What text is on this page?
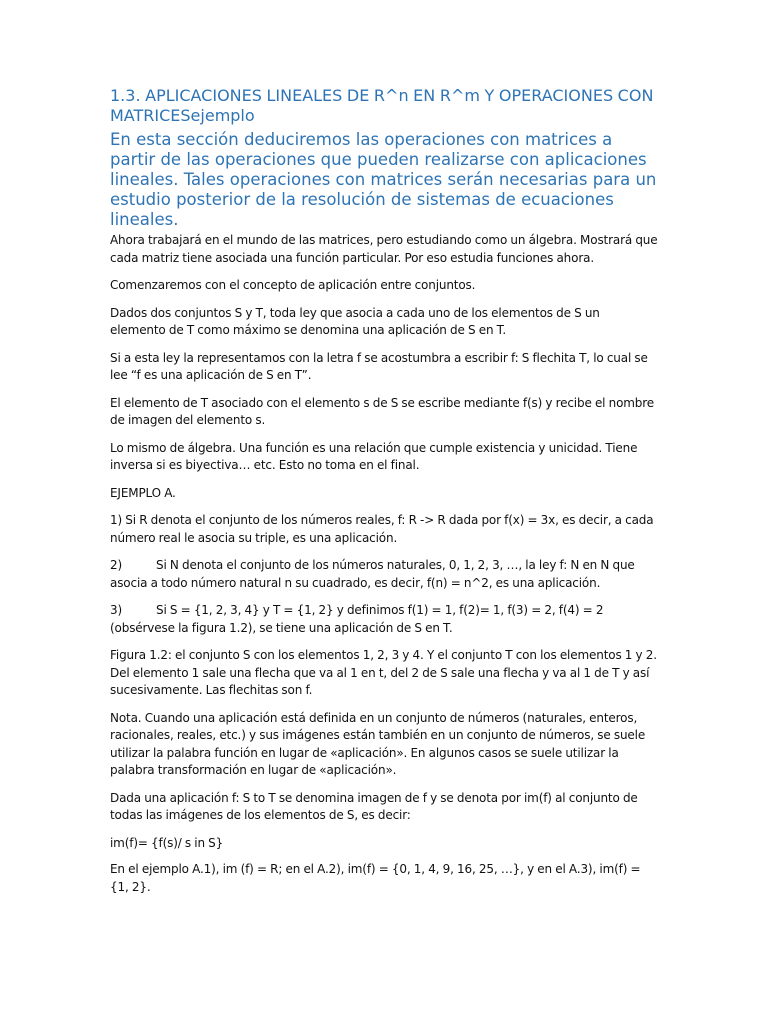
1.3. APLICACIONES LINEALES DE R^n EN R^m Y OPERACIONES CON MATRICESejemplo
En esta sección deduciremos las operaciones con matrices a partir de las operaciones que pueden realizarse con aplicaciones lineales. Tales operaciones con matrices serán necesarias para un estudio posterior de la resolución de sistemas de ecuaciones lineales.

Ahora trabajará en el mundo de las matrices, pero estudiando como un álgebra. Mostrará que cada matriz tiene asociada una función particular. Por eso estudia funciones ahora.

Comenzaremos con el concepto de aplicación entre conjuntos.

Dados dos conjuntos S y T, toda ley que asocia a cada uno de los elementos de S un elemento de T como máximo se denomina una aplicación de S en T.

Si a esta ley la representamos con la letra f se acostumbra a escribir f: S flechita T, lo cual se lee “f es una aplicación de S en T”.

El elemento de T asociado con el elemento s de S se escribe mediante f(s) y recibe el nombre de imagen del elemento s.

Lo mismo de álgebra. Una función es una relación que cumple existencia y unicidad. Tiene inversa si es biyectiva… etc. Esto no toma en el final.

EJEMPLO A.

1) Si R denota el conjunto de los números reales, f: R -> R dada por f(x) = 3x, es decir, a cada número real le asocia su triple, es una aplicación.

2)	Si N denota el conjunto de los números naturales, 0, 1, 2, 3, …, la ley f: N en N que asocia a todo número natural n su cuadrado, es decir, f(n) = n^2, es una aplicación.

3)	Si S = {1, 2, 3, 4} y T = {1, 2} y definimos f(1) = 1, f(2)= 1, f(3) = 2, f(4) = 2 (obsérvese la figura 1.2), se tiene una aplicación de S en T.

Figura 1.2: el conjunto S con los elementos 1, 2, 3 y 4. Y el conjunto T con los elementos 1 y 2. Del elemento 1 sale una flecha que va al 1 en t, del 2 de S sale una flecha y va al 1 de T y así sucesivamente. Las flechitas son f.

Nota. Cuando una aplicación está definida en un conjunto de números (naturales, enteros, racionales, reales, etc.) y sus imágenes están también en un conjunto de números, se suele utilizar la palabra función en lugar de «aplicación». En algunos casos se suele utilizar la palabra transformación en lugar de «aplicación».

Dada una aplicación f: S to T se denomina imagen de f y se denota por im(f) al conjunto de todas las imágenes de los elementos de S, es decir:

im(f)= {f(s)/ s in S}

En el ejemplo A.1), im (f) = R; en el A.2), im(f) = {0, 1, 4, 9, 16, 25, …}, y en el A.3), im(f) = {1, 2}.
